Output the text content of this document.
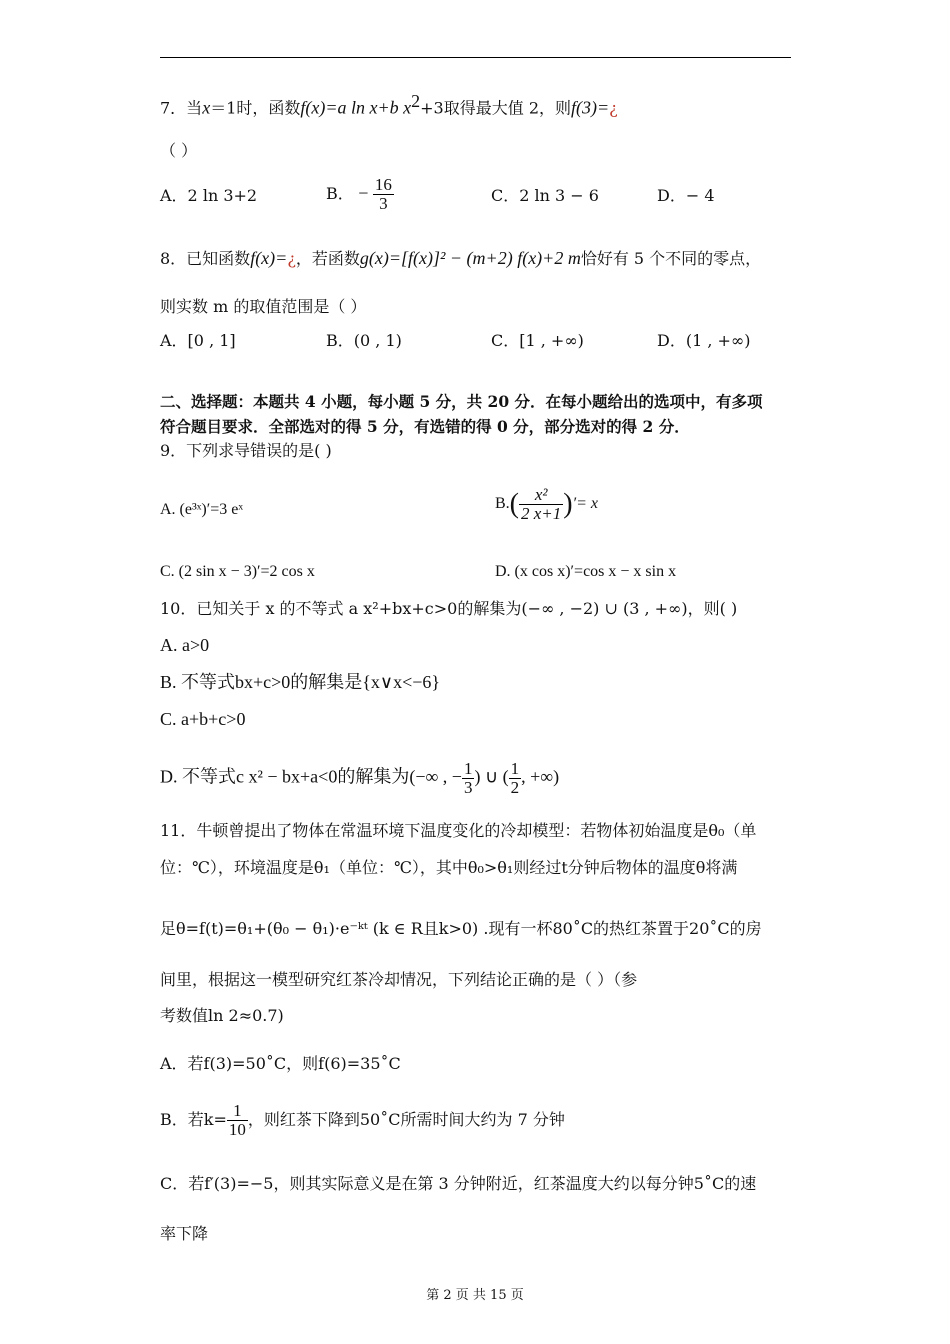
7．当x＝1时，函数f(x)=a ln x+b $x^2+3$取得最大值 2，则f(3)=¿
（ ）
A．2 ln 3+2	B． − $\frac{16}{3}$	C．2 ln 3 − 6	D．− 4
8．已知函数f(x)=¿，若函数g(x)=[f(x)]² − (m+2) f(x)+2 m恰好有 5 个不同的零点，
则实数 m 的取值范围是（ ）
A．[0 , 1]	B．(0 , 1)	C．[1 , +∞)	D．(1 , +∞)
二、选择题：本题共 4 小题，每小题 5 分，共 20 分．在每小题给出的选项中，有多项
符合题目要求．全部选对的得 5 分，有选错的得 0 分，部分选对的得 2 分．
9．下列求导错误的是( )
A. (e³ˣ)′=3 eˣ	$B.( \frac{\text{x²}}{2 x+1}$ )′= x
C. (2 sin x − 3)′=2 cos x	D. (x cos x)′=cos x − x sin x
10．已知关于 x 的不等式 a x²+bx+c>0的解集为(−∞ , −2) ∪ (3 , +∞)，则( )
A. a>0
B. 不等式bx+c>0的解集是{x∨x<−6}
C. a+b+c>0
D. 不等式c x² − bx+a<0的解集为(−∞ , − $\frac{1}{3}$ ) ∪ ( $\frac{1}{2}$ , +∞)
11．牛顿曾提出了物体在常温环境下温度变化的冷却模型：若物体初始温度是θ₀（单
位：℃），环境温度是θ₁（单位：℃），其中θ₀>θ₁则经过t分钟后物体的温度θ将满
足θ=f(t)=θ₁+(θ₀ − θ₁)·e⁻ᵏᵗ (k ∈ R且k>0) .现有一杯80˚C的热红茶置于20˚C的房
间里，根据这一模型研究红茶冷却情况，下列结论正确的是（ ）（参
考数值ln 2≈0.7)
A．若f(3)=50˚C，则f(6)=35˚C
B．若$k= \frac{1}{10}$ ，则红茶下降到50˚C所需时间大约为 7 分钟
C．若f′(3)=−5，则其实际意义是在第 3 分钟附近，红茶温度大约以每分钟5˚C的速
率下降
第 2 页 共 15 页
